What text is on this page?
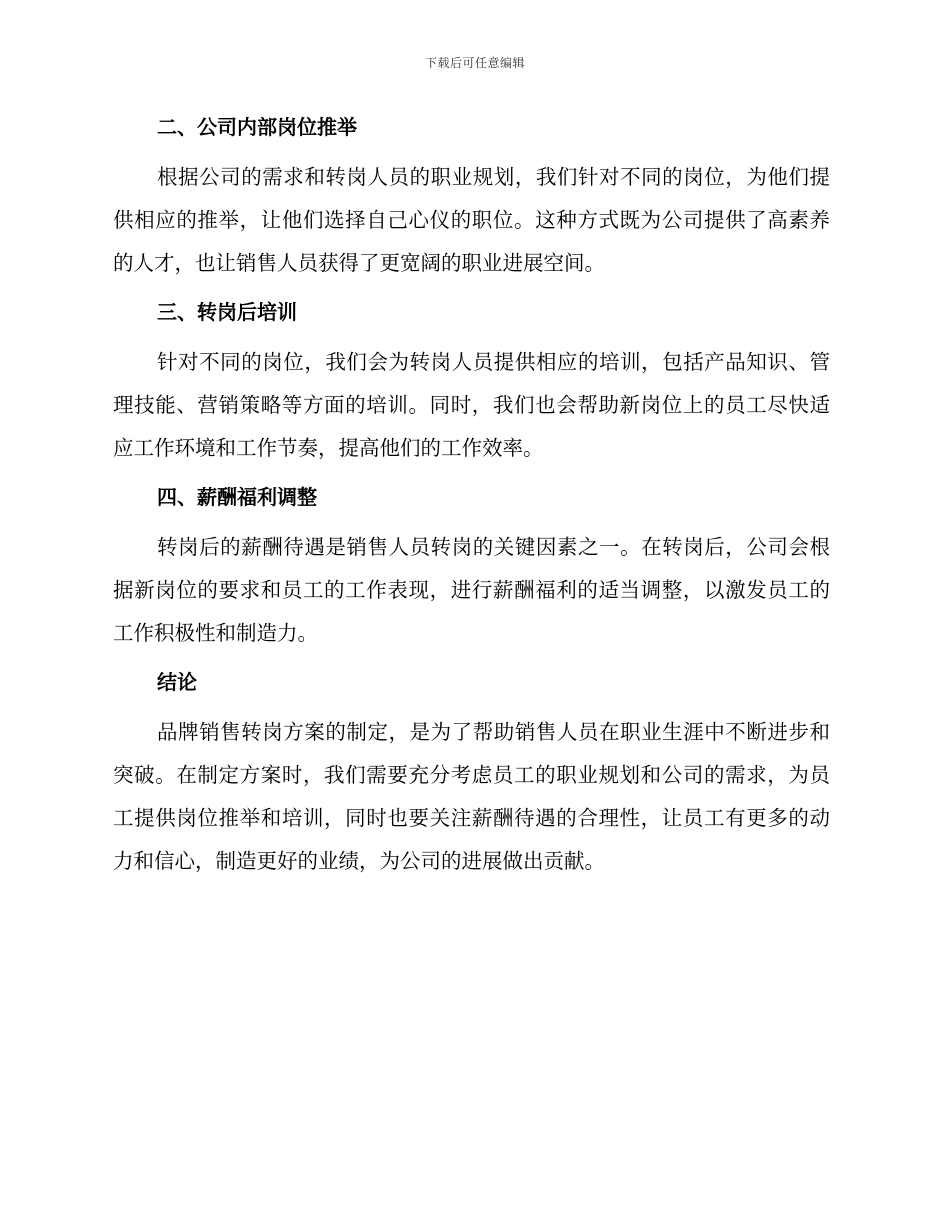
下载后可任意编辑
二、公司内部岗位推举

根据公司的需求和转岗人员的职业规划，我们针对不同的岗位，为他们提供相应的推举，让他们选择自己心仪的职位。这种方式既为公司提供了高素养的人才，也让销售人员获得了更宽阔的职业进展空间。

三、转岗后培训

针对不同的岗位，我们会为转岗人员提供相应的培训，包括产品知识、管理技能、营销策略等方面的培训。同时，我们也会帮助新岗位上的员工尽快适应工作环境和工作节奏，提高他们的工作效率。

四、薪酬福利调整

转岗后的薪酬待遇是销售人员转岗的关键因素之一。在转岗后，公司会根据新岗位的要求和员工的工作表现，进行薪酬福利的适当调整，以激发员工的工作积极性和制造力。

结论

品牌销售转岗方案的制定，是为了帮助销售人员在职业生涯中不断进步和突破。在制定方案时，我们需要充分考虑员工的职业规划和公司的需求，为员工提供岗位推举和培训，同时也要关注薪酬待遇的合理性，让员工有更多的动力和信心，制造更好的业绩，为公司的进展做出贡献。
